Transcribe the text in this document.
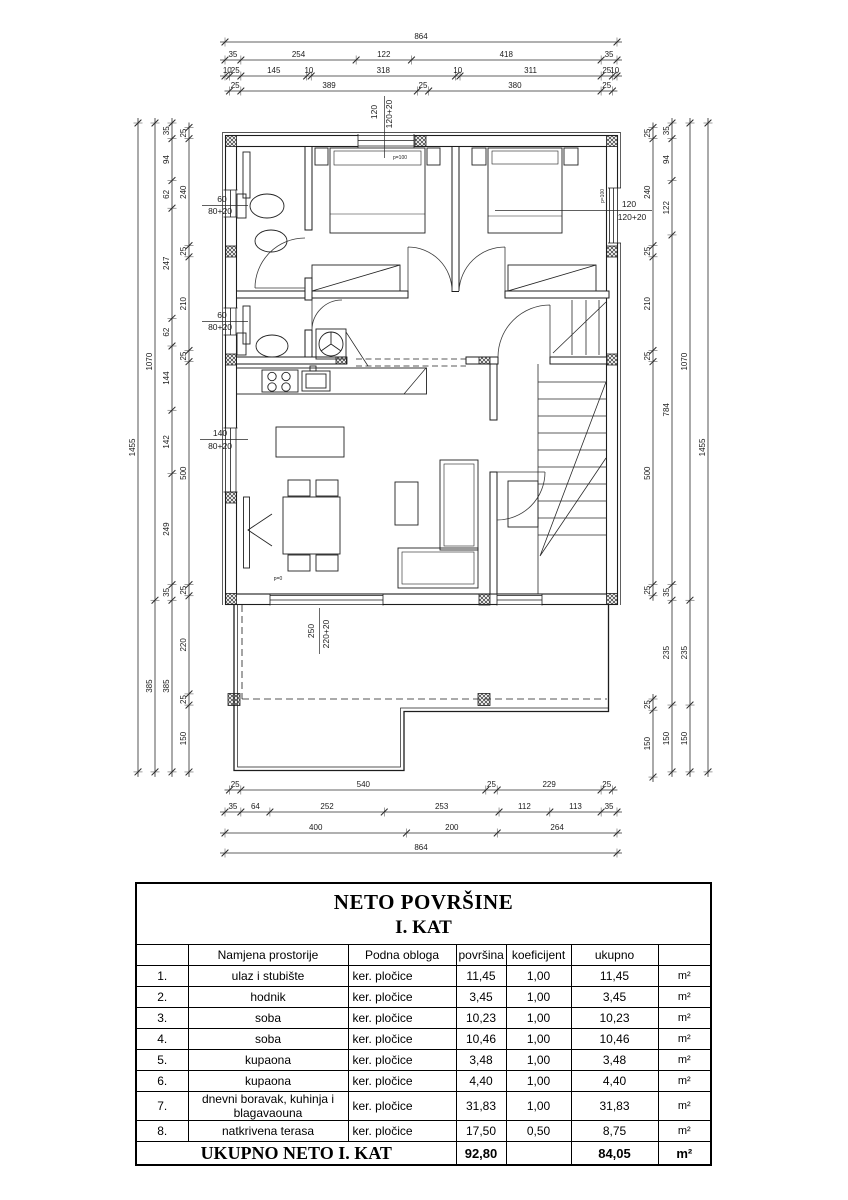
864
35	254	122	418	35
10 25	145	10	318	10	311	25 10
25	389	25	380	25
25	540	25	229	25
35 64	252	253	112	113	35
400	200	264
864
1455
1070
385
35
94
62
247
62
144
142
249
35
385
25
240
25
210
25
500
25
220
25
150
25
240
25
210
25
500
25
25
150
35
94
122
784
35
235
150
1070
235
150
1455
120 120+20
120
120+20
60
80+20
60
80+20
140
80+20
250 220+20
p=100
p=100
p=0
NETO POVRŠINE
I. KAT						

	Namjena prostorije	Podna obloga	površina	koeficijent	ukupno	
1.	ulaz i stubište	ker. pločice	11,45	1,00	11,45	m²
2.	hodnik	ker. pločice	3,45	1,00	3,45	m²
3.	soba	ker. pločice	10,23	1,00	10,23	m²
4.	soba	ker. pločice	10,46	1,00	10,46	m²
5.	kupaona	ker. pločice	3,48	1,00	3,48	m²
6.	kupaona	ker. pločice	4,40	1,00	4,40	m²
7.	dnevni boravak, kuhinja i blagavaouna	ker. pločice	31,83	1,00	31,83	m²
8.	natkrivena terasa	ker. pločice	17,50	0,50	8,75	m²
UKUPNO NETO I. KAT			92,80		84,05	m²
